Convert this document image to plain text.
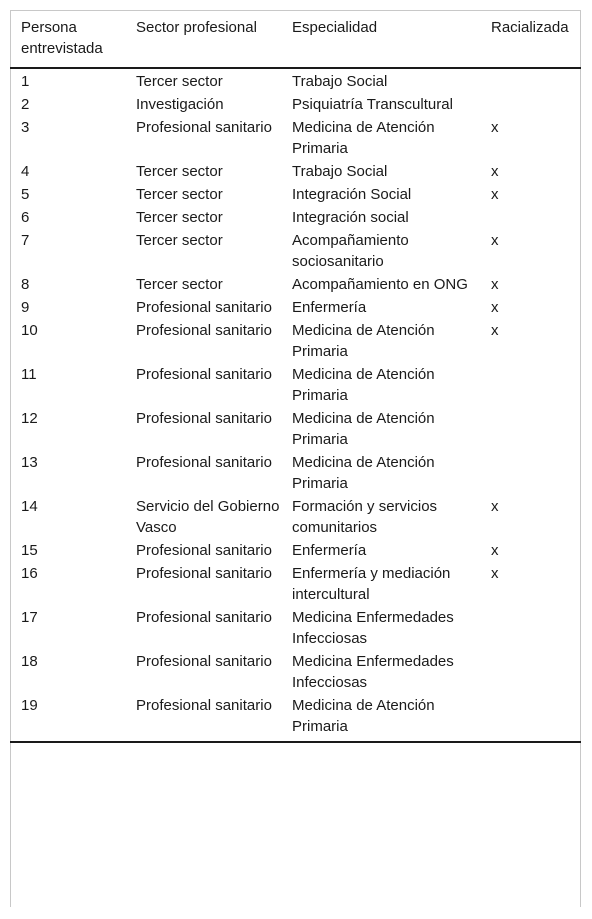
Persona entrevistada	Sector profesional	Especialidad	Racializada
1	Tercer sector	Trabajo Social	
2	Investigación	Psiquiatría Transcultural	
3	Profesional sanitario	Medicina de Atención Primaria	x
4	Tercer sector	Trabajo Social	x
5	Tercer sector	Integración Social	x
6	Tercer sector	Integración social	
7	Tercer sector	Acompañamiento sociosanitario	x
8	Tercer sector	Acompañamiento en ONG	x
9	Profesional sanitario	Enfermería	x
10	Profesional sanitario	Medicina de Atención Primaria	x
11	Profesional sanitario	Medicina de Atención Primaria	
12	Profesional sanitario	Medicina de Atención Primaria	
13	Profesional sanitario	Medicina de Atención Primaria	
14	Servicio del Gobierno Vasco	Formación y servicios comunitarios	x
15	Profesional sanitario	Enfermería	x
16	Profesional sanitario	Enfermería y mediación intercultural	x
17	Profesional sanitario	Medicina Enfermedades Infecciosas	
18	Profesional sanitario	Medicina Enfermedades Infecciosas	
19	Profesional sanitario	Medicina de Atención Primaria	
